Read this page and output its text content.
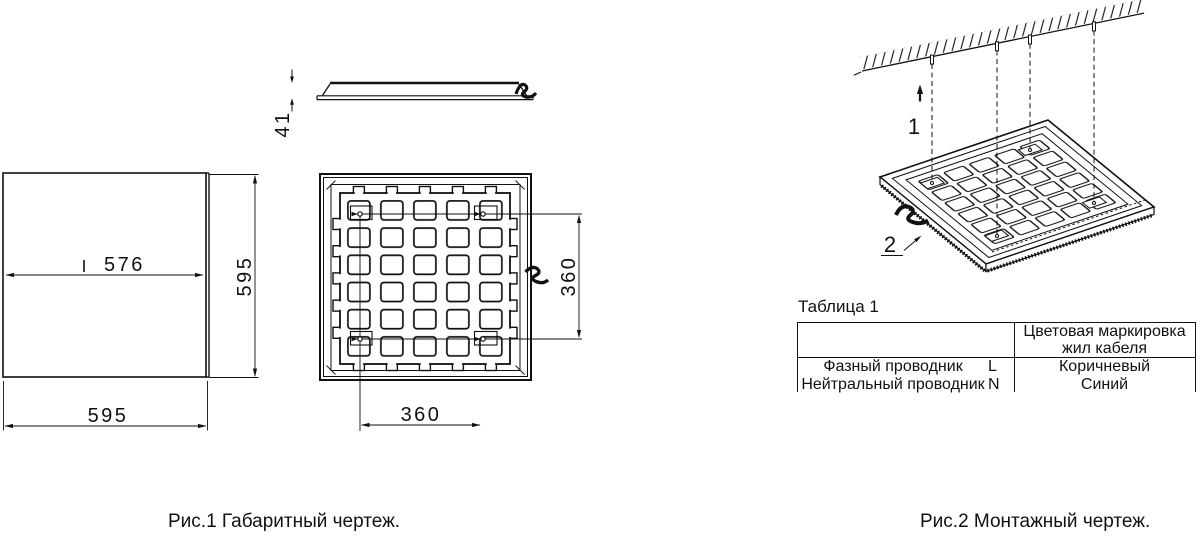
41
576	595
595
360
360
1
2
Таблица 1
Цветовая маркировка
жил кабеля
Фазный проводник	L	Коричневый
Нейтральный проводник N	Синий
Рис.1 Габаритный чертеж.	Рис.2 Монтажный чертеж.
